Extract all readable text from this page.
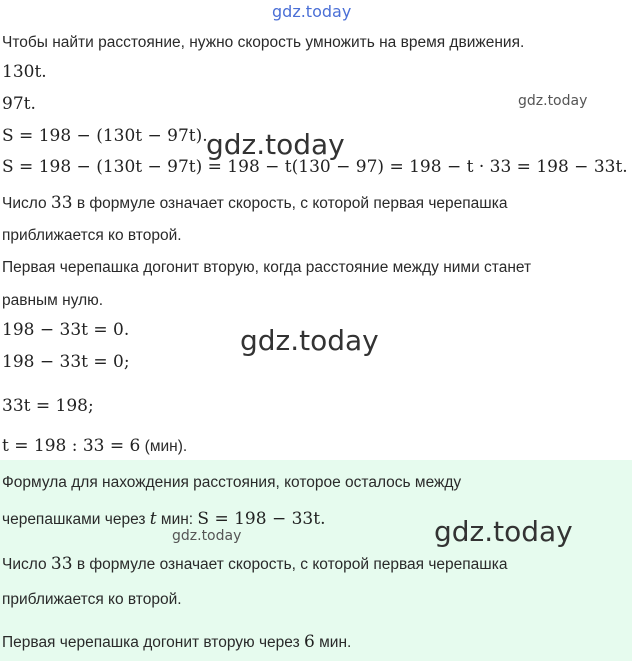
gdz.today
Чтобы найти расстояние, нужно скорость умножить на время движения.
130t.
97t.	gdz.today
S = 198 − (130t − 97t).
gdz.today
S = 198 − (130t − 97t) = 198 − t(130 − 97) = 198 − t · 33 = 198 − 33t.
Число 33 в формуле означает скорость, с которой первая черепашка
приближается ко второй.
Первая черепашка догонит вторую, когда расстояние между ними станет
равным нулю.
198 − 33t = 0.	gdz.today
198 − 33t = 0;
33t = 198;
t = 198 : 33 = 6 (мин).
Формула для нахождения расстояния, которое осталось между
черепашками через t мин: S = 198 − 33t.
gdz.today	gdz.today
Число 33 в формуле означает скорость, с которой первая черепашка
приближается ко второй.
Первая черепашка догонит вторую через 6 мин.
